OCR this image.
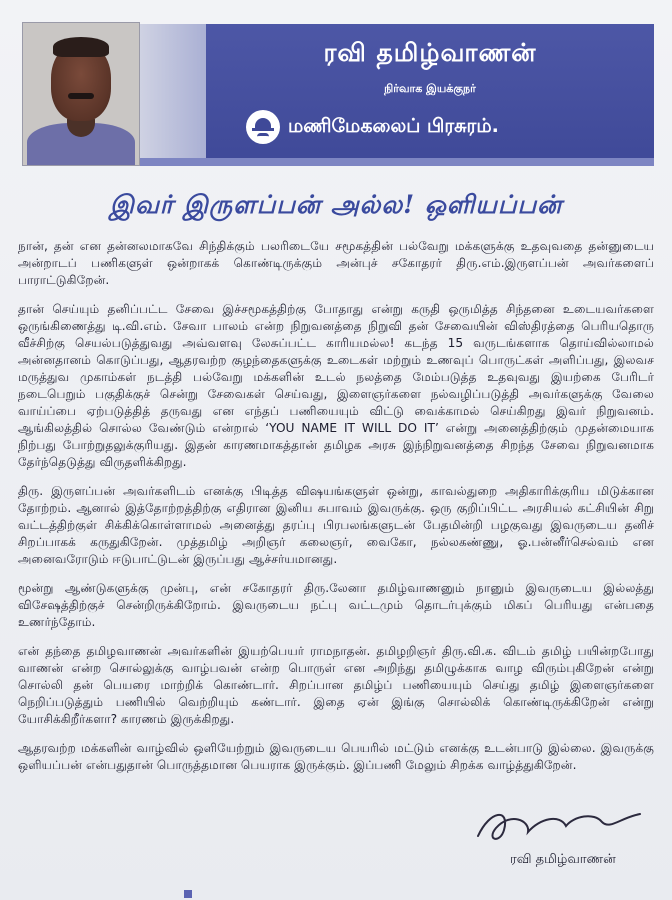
ரவி தமிழ்வாணன்
நிர்வாக இயக்குநர்
மணிமேகலைப் பிரசுரம்.
இவர் இருளப்பன் அல்ல! ஒளியப்பன்

நான், தன் என தன்னலமாகவே சிந்திக்கும் பலரிடையே சமூகத்தின் பல்வேறு மக்களுக்கு உதவுவதை தன்னுடைய அன்றாடப் பணிகளுள் ஒன்றாகக் கொண்டிருக்கும் அன்புச் சகோதரர் திரு.எம்.இருளப்பன் அவர்களைப் பாராட்டுகிறேன்.

தான் செய்யும் தனிப்பட்ட சேவை இச்சமூகத்திற்கு போதாது என்று கருதி ஒருமித்த சிந்தனை உடையவர்களை ஒருங்கிணைத்து டி.வி.எம். சேவா பாலம் என்ற நிறுவனத்தை நிறுவி தன் சேவையின் விஸ்திரத்தை பெரியதொரு வீச்சிற்கு செயல்படுத்துவது அவ்வளவு லேசுப்பட்ட காரியமல்ல! கடந்த 15 வருடங்களாக தொய்வில்லாமல் அன்னதானம் கொடுப்பது, ஆதரவற்ற குழந்தைகளுக்கு உடைகள் மற்றும் உணவுப் பொருட்கள் அளிப்பது, இலவச மருத்துவ முகாம்கள் நடத்தி பல்வேறு மக்களின் உடல் நலத்தை மேம்படுத்த உதவுவது இயற்கை பேரிடர் நடைபெறும் பகுதிக்குச் சென்று சேவைகள் செய்வது, இளைஞர்களை நல்வழிப்படுத்தி அவர்களுக்கு வேலை வாய்ப்பை ஏற்படுத்தித் தருவது என எந்தப் பணியையும் விட்டு வைக்காமல் செய்கிறது இவர் நிறுவனம். ஆங்கிலத்தில் சொல்ல வேண்டும் என்றால் ‘YOU NAME IT WILL DO IT’ என்று அனைத்திற்கும் முதன்மையாக நிற்பது போற்றுதலுக்குரியது. இதன் காரணமாகத்தான் தமிழக அரசு இந்நிறுவனத்தை சிறந்த சேவை நிறுவனமாக தேர்ந்தெடுத்து விருதளிக்கிறது.

திரு. இருளப்பன் அவர்களிடம் எனக்கு பிடித்த விஷயங்களுள் ஒன்று, காவல்துறை அதிகாரிக்குரிய மிடுக்கான தோற்றம். ஆனால் இத்தோற்றத்திற்கு எதிரான இனிய சுபாவம் இவருக்கு. ஒரு குறிப்பிட்ட அரசியல் கட்சியின் சிறு வட்டத்திற்குள் சிக்கிக்கொள்ளாமல் அனைத்து தரப்பு பிரபலங்களுடன் பேதமின்றி பழகுவது இவருடைய தனிச் சிறப்பாகக் கருதுகிறேன். முத்தமிழ் அறிஞர் கலைஞர், வைகோ, நல்லகண்ணு, ஓ.பன்னீர்செல்வம் என அனைவரோடும் ஈடுபாட்டுடன் இருப்பது ஆச்சர்யமானது.

மூன்று ஆண்டுகளுக்கு முன்பு, என் சகோதரர் திரு.லேனா தமிழ்வாணனும் நானும் இவருடைய இல்லத்து விசேஷத்திற்குச் சென்றிருக்கிறோம். இவருடைய நட்பு வட்டமும் தொடர்புக்கும் மிகப் பெரியது என்பதை உணர்ந்தோம்.

என் தந்தை தமிழவாணன் அவர்களின் இயற்பெயர் ராமநாதன். தமிழறிஞர் திரு.வி.க. விடம் தமிழ் பயின்றபோது வாணன் என்ற சொல்லுக்கு வாழ்பவன் என்ற பொருள் என அறிந்து தமிழுக்காக வாழ விரும்புகிறேன் என்று சொல்லி தன் பெயரை மாற்றிக் கொண்டார். சிறப்பான தமிழ்ப் பணியையும் செய்து தமிழ் இளைஞர்களை நெறிப்படுத்தும் பணியில் வெற்றியும் கண்டார். இதை ஏன் இங்கு சொல்லிக் கொண்டிருக்கிறேன் என்று யோசிக்கிறீர்களா? காரணம் இருக்கிறது.

ஆதரவற்ற மக்களின் வாழ்வில் ஒளியேற்றும் இவருடைய பெயரில் மட்டும் எனக்கு உடன்பாடு இல்லை. இவருக்கு ஒளியப்பன் என்பதுதான் பொருத்தமான பெயராக இருக்கும். இப்பணி மேலும் சிறக்க வாழ்த்துகிறேன்.

ரவி தமிழ்வாணன்
